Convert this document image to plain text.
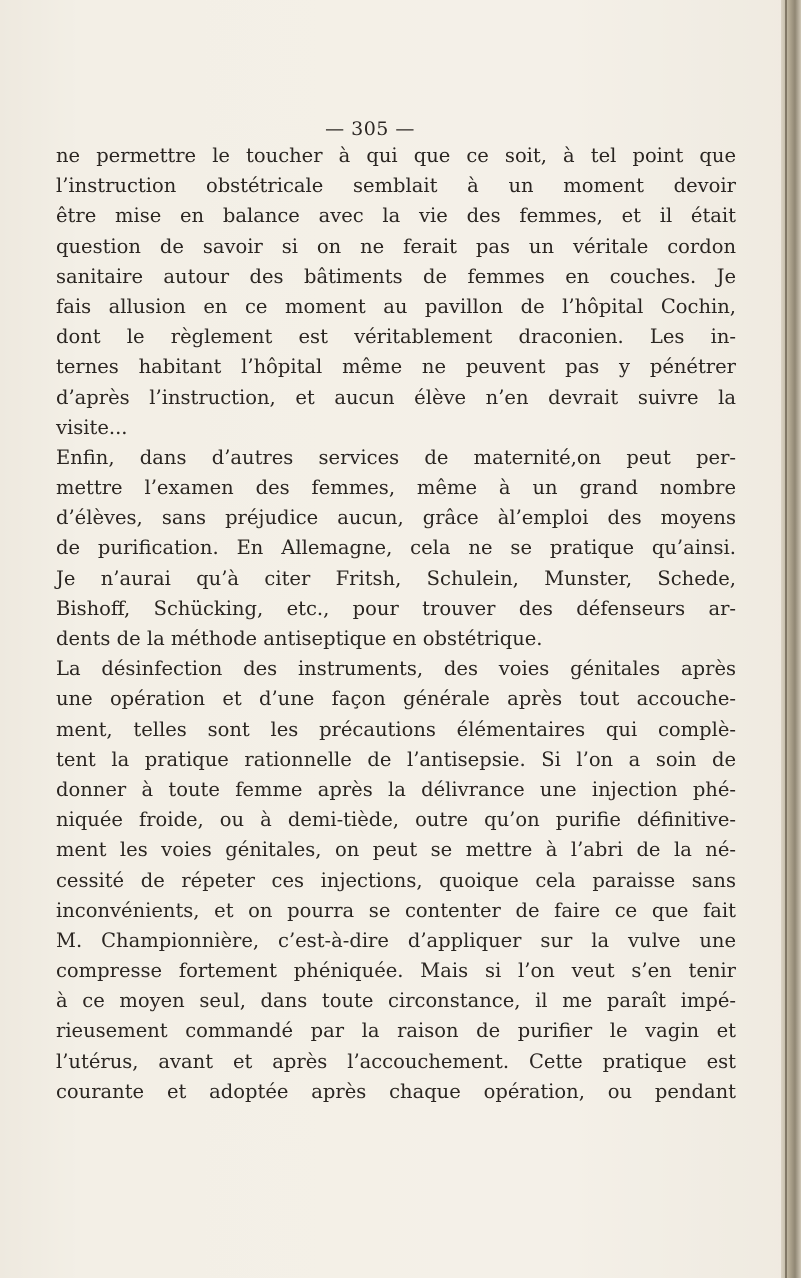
— 305 —
ne permettre le toucher à qui que ce soit, à tel point que
l’instruction obstétricale semblait à un moment devoir
être mise en balance avec la vie des femmes, et il était
question de savoir si on ne ferait pas un véritale cordon
sanitaire autour des bâtiments de femmes en couches. Je
fais allusion en ce moment au pavillon de l’hôpital Cochin,
dont le règlement est véritablement draconien. Les in-
ternes habitant l’hôpital même ne peuvent pas y pénétrer
d’après l’instruction, et aucun élève n’en devrait suivre la
visite...
Enfin, dans d’autres services de maternité,on peut per-
mettre l’examen des femmes, même à un grand nombre
d’élèves, sans préjudice aucun, grâce àl’emploi des moyens
de purification. En Allemagne, cela ne se pratique qu’ainsi.
Je n’aurai qu’à citer Fritsh, Schulein, Munster, Schede,
Bishoff, Schücking, etc., pour trouver des défenseurs ar-
dents de la méthode antiseptique en obstétrique.
La désinfection des instruments, des voies génitales après
une opération et d’une façon générale après tout accouche-
ment, telles sont les précautions élémentaires qui complè-
tent la pratique rationnelle de l’antisepsie. Si l’on a soin de
donner à toute femme après la délivrance une injection phé-
niquée froide, ou à demi-tiède, outre qu’on purifie définitive-
ment les voies génitales, on peut se mettre à l’abri de la né-
cessité de répeter ces injections, quoique cela paraisse sans
inconvénients, et on pourra se contenter de faire ce que fait
M. Championnière, c’est-à-dire d’appliquer sur la vulve une
compresse fortement phéniquée. Mais si l’on veut s’en tenir
à ce moyen seul, dans toute circonstance, il me paraît impé-
rieusement commandé par la raison de purifier le vagin et
l’utérus, avant et après l’accouchement. Cette pratique est
courante et adoptée après chaque opération, ou pendant
